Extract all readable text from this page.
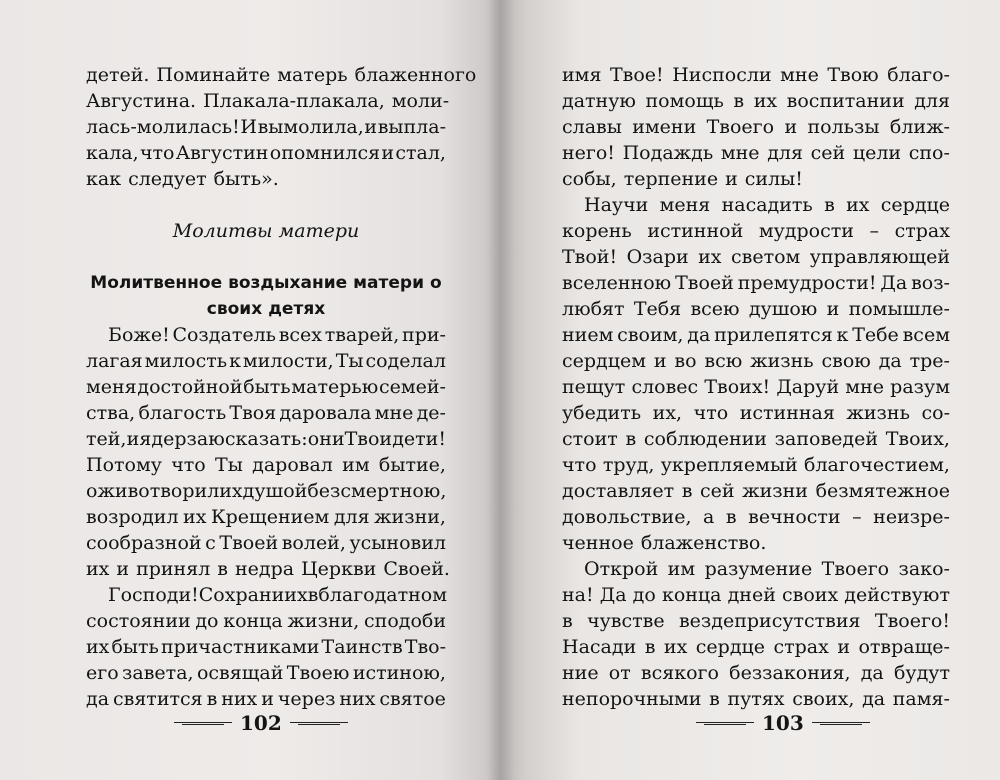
детей. Поминайте матерь блаженного
Августина. Плакала-плакала, моли-
лась-молилась! И вымолила, и выпла-
кала, что Августин опомнился и стал,
как следует быть».

Молитвы матери

Молитвенное воздыхание матери о
своих детях
Боже! Создатель всех тварей, при-
лагая милость к милости, Ты соделал
меня достойной быть матерью семей-
ства, благость Твоя даровала мне де-
тей, и я дерзаю сказать: они Твои дети!
Потому что Ты даровал им бытие,
оживотворил их душой безсмертною,
возродил их Крещением для жизни,
сообразной с Твоей волей, усыновил
их и принял в недра Церкви Своей.
Господи! Сохрани их в благодатном
состоянии до конца жизни, сподоби
их быть причастниками Таинств Тво-
его завета, освящай Твоею истиною,
да святится в них и через них святое
102
имя Твое! Ниспосли мне Твою благо-
датную помощь в их воспитании для
славы имени Твоего и пользы ближ-
него! Подаждь мне для сей цели спо-
собы, терпение и силы!
Научи меня насадить в их сердце
корень истинной мудрости – страх
Твой! Озари их светом управляющей
вселенною Твоей премудрости! Да воз-
любят Тебя всею душою и помышле-
нием своим, да прилепятся к Тебе всем
сердцем и во всю жизнь свою да тре-
пещут словес Твоих! Даруй мне разум
убедить их, что истинная жизнь со-
стоит в соблюдении заповедей Твоих,
что труд, укрепляемый благочестием,
доставляет в сей жизни безмятежное
довольствие, а в вечности – неизре-
ченное блаженство.
Открой им разумение Твоего зако-
на! Да до конца дней своих действуют
в чувстве вездеприсутствия Твоего!
Насади в их сердце страх и отвраще-
ние от всякого беззакония, да будут
непорочными в путях своих, да памя-
103
